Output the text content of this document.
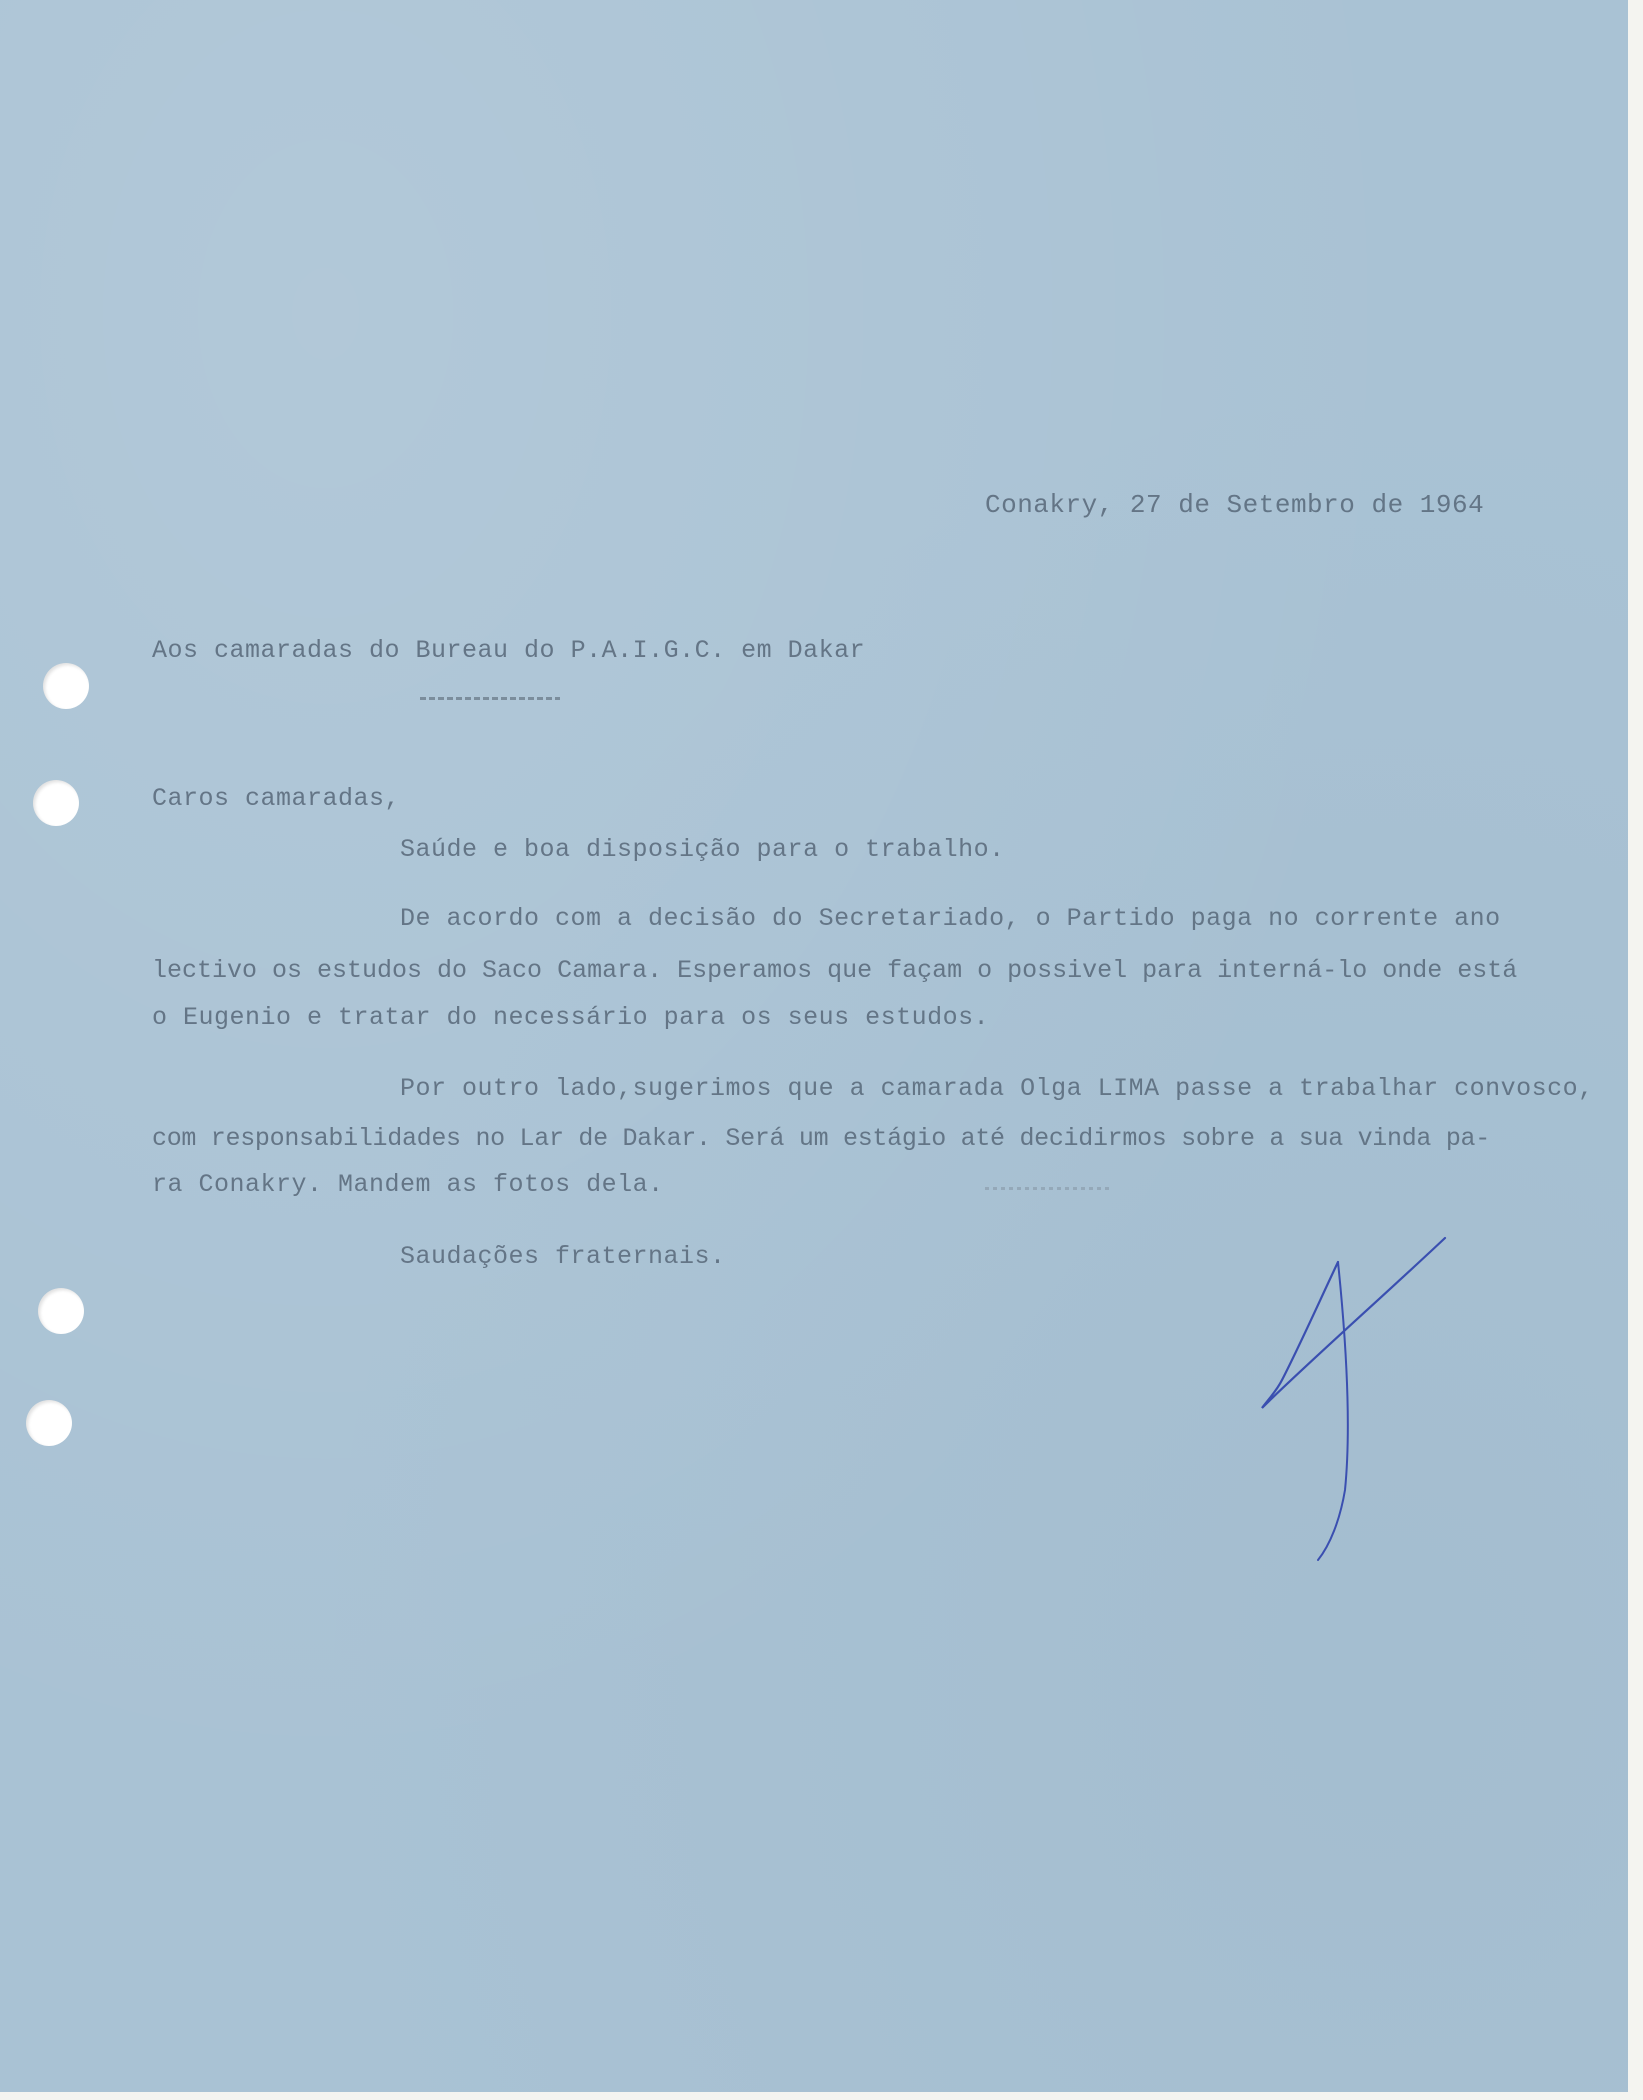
Conakry, 27 de Setembro de 1964
Aos camaradas do Bureau do P.A.I.G.C. em Dakar
Caros camaradas,
Saúde e boa disposição para o trabalho.
De acordo com a decisão do Secretariado, o Partido paga no corrente ano
lectivo os estudos do Saco Camara. Esperamos que façam o possivel para interná-lo onde está
o Eugenio e tratar do necessário para os seus estudos.
Por outro lado,sugerimos que a camarada Olga LIMA passe a trabalhar convosco,
com responsabilidades no Lar de Dakar. Será um estágio até decidirmos sobre a sua vinda pa-
ra Conakry. Mandem as fotos dela.
Saudações fraternais.
